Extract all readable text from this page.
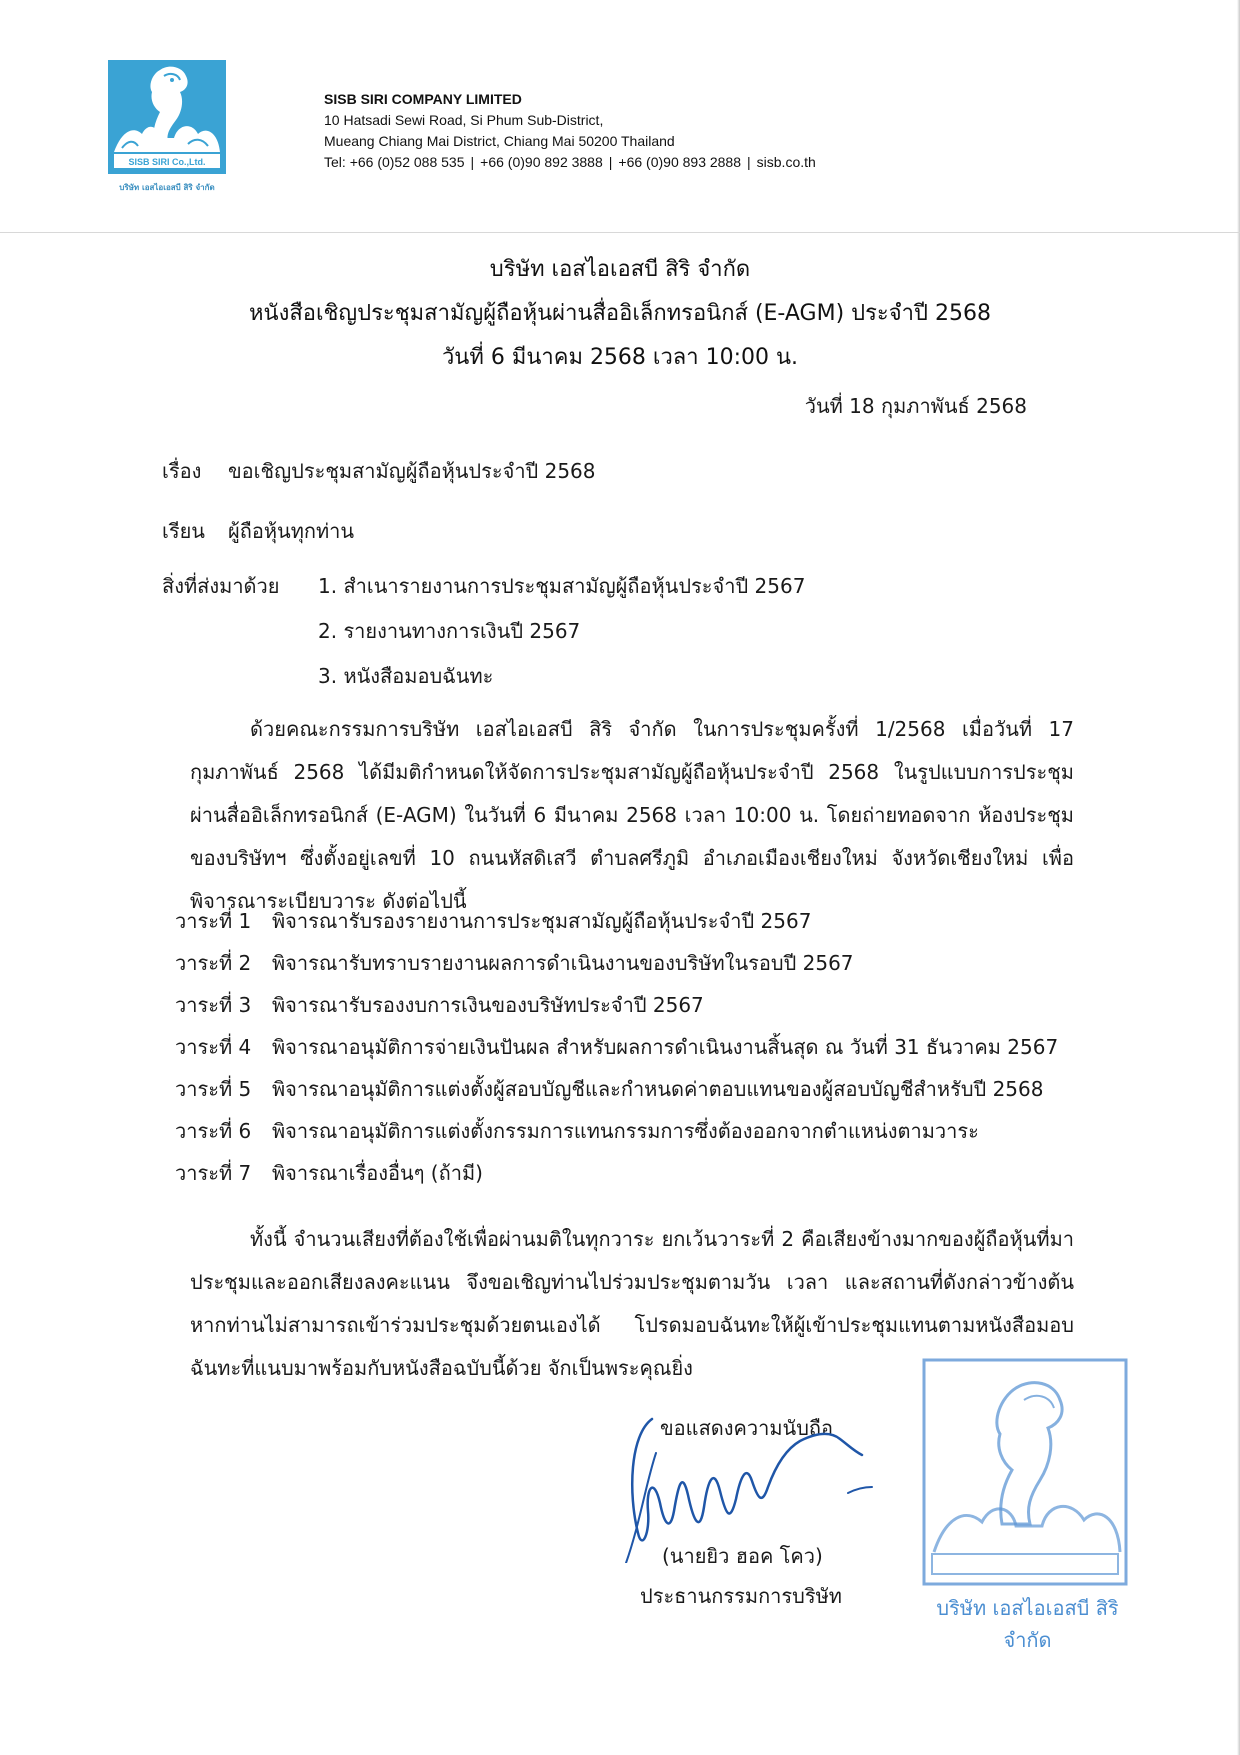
SISB SIRI Co.,Ltd.
บริษัท เอสไอเอสบี สิริ จำกัด
SISB SIRI COMPANY LIMITED
10 Hatsadi Sewi Road, Si Phum Sub-District,
Mueang Chiang Mai District, Chiang Mai 50200 Thailand
Tel: +66 (0)52 088 535 | +66 (0)90 892 3888 | +66 (0)90 893 2888 | sisb.co.th
บริษัท เอสไอเอสบี สิริ จำกัด
หนังสือเชิญประชุมสามัญผู้ถือหุ้นผ่านสื่ออิเล็กทรอนิกส์ (E-AGM) ประจำปี 2568
วันที่ 6 มีนาคม 2568 เวลา 10:00 น.
วันที่ 18 กุมภาพันธ์ 2568
เรื่อง ขอเชิญประชุมสามัญผู้ถือหุ้นประจำปี 2568
เรียน ผู้ถือหุ้นทุกท่าน
สิ่งที่ส่งมาด้วย 1. สำเนารายงานการประชุมสามัญผู้ถือหุ้นประจำปี 2567
2. รายงานทางการเงินปี 2567
3. หนังสือมอบฉันทะ
ด้วยคณะกรรมการบริษัท เอสไอเอสบี สิริ จำกัด ในการประชุมครั้งที่ 1/2568 เมื่อวันที่ 17 กุมภาพันธ์ 2568 ได้มีมติกำหนดให้จัดการประชุมสามัญผู้ถือหุ้นประจำปี 2568 ในรูปแบบการประชุมผ่านสื่ออิเล็กทรอนิกส์ (E-AGM) ในวันที่ 6 มีนาคม 2568 เวลา 10:00 น. โดยถ่ายทอดจาก ห้องประชุมของบริษัทฯ ซึ่งตั้งอยู่เลขที่ 10 ถนนหัสดิเสวี ตำบลศรีภูมิ อำเภอเมืองเชียงใหม่ จังหวัดเชียงใหม่ เพื่อพิจารณาระเบียบวาระ ดังต่อไปนี้
วาระที่ 1 พิจารณารับรองรายงานการประชุมสามัญผู้ถือหุ้นประจำปี 2567
วาระที่ 2 พิจารณารับทราบรายงานผลการดำเนินงานของบริษัทในรอบปี 2567
วาระที่ 3 พิจารณารับรองงบการเงินของบริษัทประจำปี 2567
วาระที่ 4 พิจารณาอนุมัติการจ่ายเงินปันผล สำหรับผลการดำเนินงานสิ้นสุด ณ วันที่ 31 ธันวาคม 2567
วาระที่ 5 พิจารณาอนุมัติการแต่งตั้งผู้สอบบัญชีและกำหนดค่าตอบแทนของผู้สอบบัญชีสำหรับปี 2568
วาระที่ 6 พิจารณาอนุมัติการแต่งตั้งกรรมการแทนกรรมการซึ่งต้องออกจากตำแหน่งตามวาระ
วาระที่ 7 พิจารณาเรื่องอื่นๆ (ถ้ามี)
ทั้งนี้ จำนวนเสียงที่ต้องใช้เพื่อผ่านมติในทุกวาระ ยกเว้นวาระที่ 2 คือเสียงข้างมากของผู้ถือหุ้นที่มาประชุมและออกเสียงลงคะแนน จึงขอเชิญท่านไปร่วมประชุมตามวัน เวลา และสถานที่ดังกล่าวข้างต้น หากท่านไม่สามารถเข้าร่วมประชุมด้วยตนเองได้ โปรดมอบฉันทะให้ผู้เข้าประชุมแทนตามหนังสือมอบฉันทะที่แนบมาพร้อมกับหนังสือฉบับนี้ด้วย จักเป็นพระคุณยิ่ง
ขอแสดงความนับถือ
(นายยิว ฮอค โคว)
ประธานกรรมการบริษัท	บริษัท เอสไอเอสบี สิริ จำกัด
